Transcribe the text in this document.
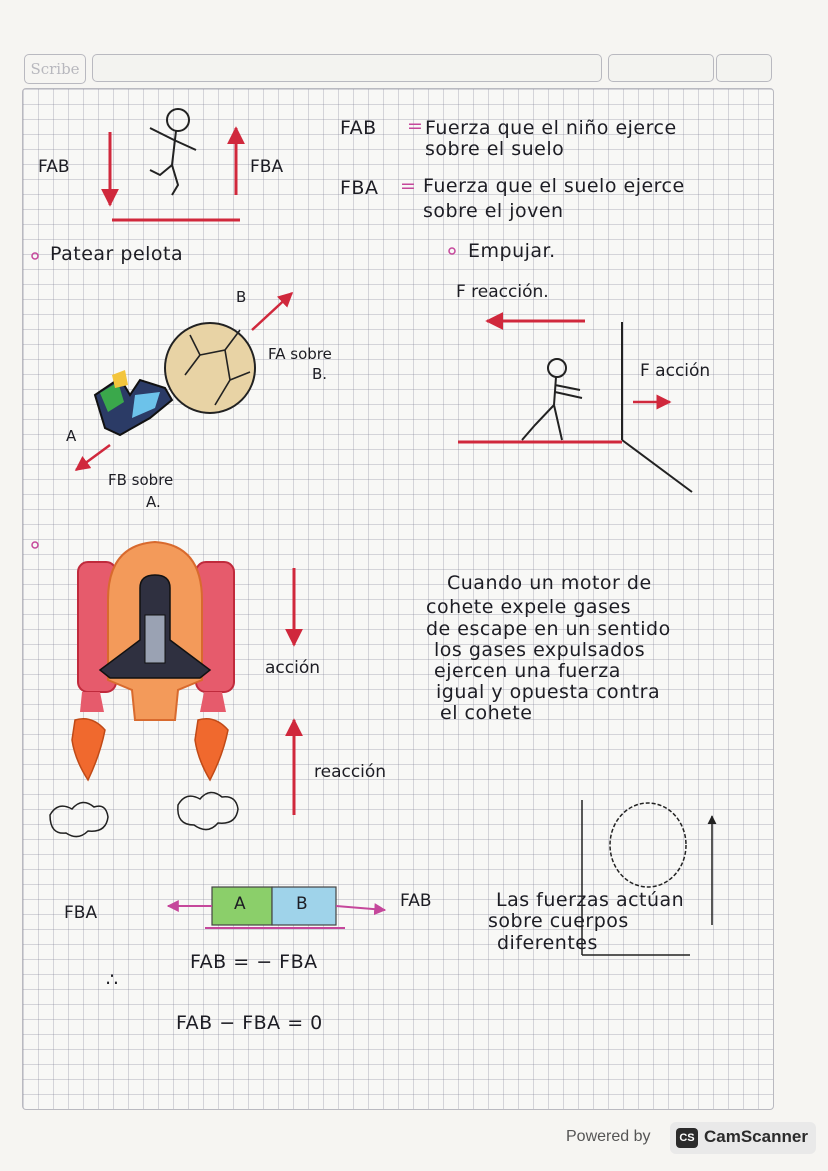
Scribe
FAB	FBA
FAB = Fuerza que el niño ejerce
sobre el suelo
FBA = Fuerza que el suelo ejerce
sobre el joven
Patear pelota
B
FA sobre
B.
A
FB sobre
A.
Empujar.
F reacción.
F acción
acción
reacción
Cuando un motor de
cohete expele gases
de escape en un sentido
los gases expulsados
ejercen una fuerza
igual y opuesta contra
el cohete
FBA	A	B	FAB
FAB = − FBA
∴
FAB − FBA = 0
Las fuerzas actúan
sobre cuerpos
diferentes
Powered by	CS CamScanner
